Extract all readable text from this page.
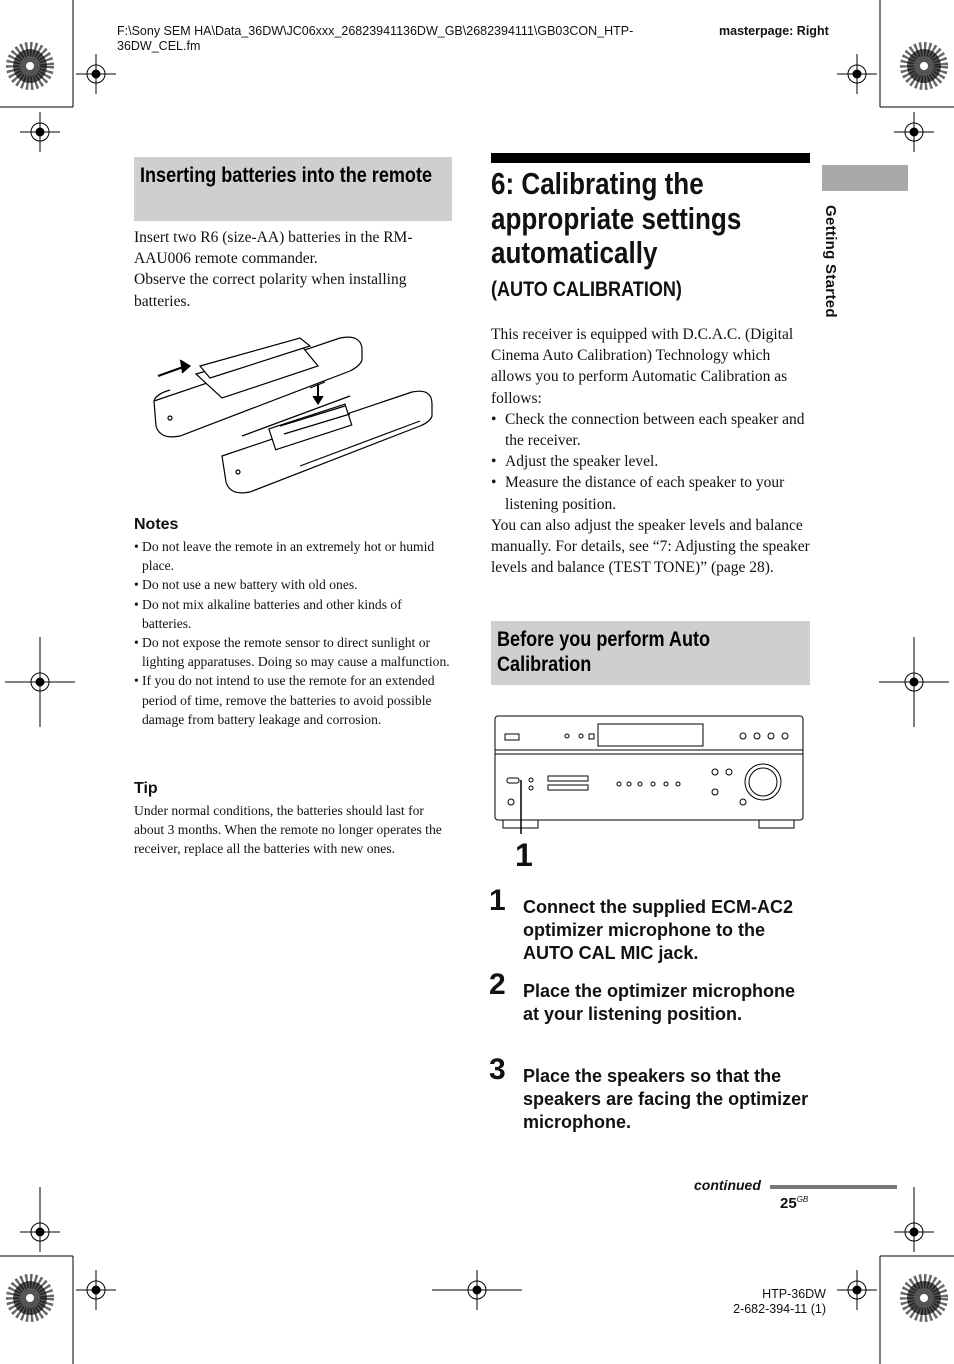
F:\Sony SEM HA\Data_36DW\JC06xxx_26823941136DW_GB\2682394111\GB03CON_HTP-36DW_CEL.fm
masterpage: Right
Inserting batteries into the remote
Insert two R6 (size-AA) batteries in the RM-AAU006 remote commander.
Observe the correct polarity when installing batteries.
Notes
• Do not leave the remote in an extremely hot or humid place.
• Do not use a new battery with old ones.
• Do not mix alkaline batteries and other kinds of batteries.
• Do not expose the remote sensor to direct sunlight or lighting apparatuses. Doing so may cause a malfunction.
• If you do not intend to use the remote for an extended period of time, remove the batteries to avoid possible damage from battery leakage and corrosion.
Tip
Under normal conditions, the batteries should last for about 3 months. When the remote no longer operates the receiver, replace all the batteries with new ones.
6: Calibrating the appropriate settings automatically
(AUTO CALIBRATION)
This receiver is equipped with D.C.A.C. (Digital Cinema Auto Calibration) Technology which allows you to perform Automatic Calibration as follows:
• Check the connection between each speaker and the receiver.
• Adjust the speaker level.
• Measure the distance of each speaker to your listening position.
You can also adjust the speaker levels and balance manually. For details, see “7: Adjusting the speaker levels and balance (TEST TONE)” (page 28).
Before you perform Auto Calibration
1
1 Connect the supplied ECM-AC2 optimizer microphone to the AUTO CAL MIC jack.
2 Place the optimizer microphone at your listening position.
3 Place the speakers so that the speakers are facing the optimizer microphone.
Getting Started
continued
$25^{GB}$
HTP-36DW
2-682-394-11 (1)
